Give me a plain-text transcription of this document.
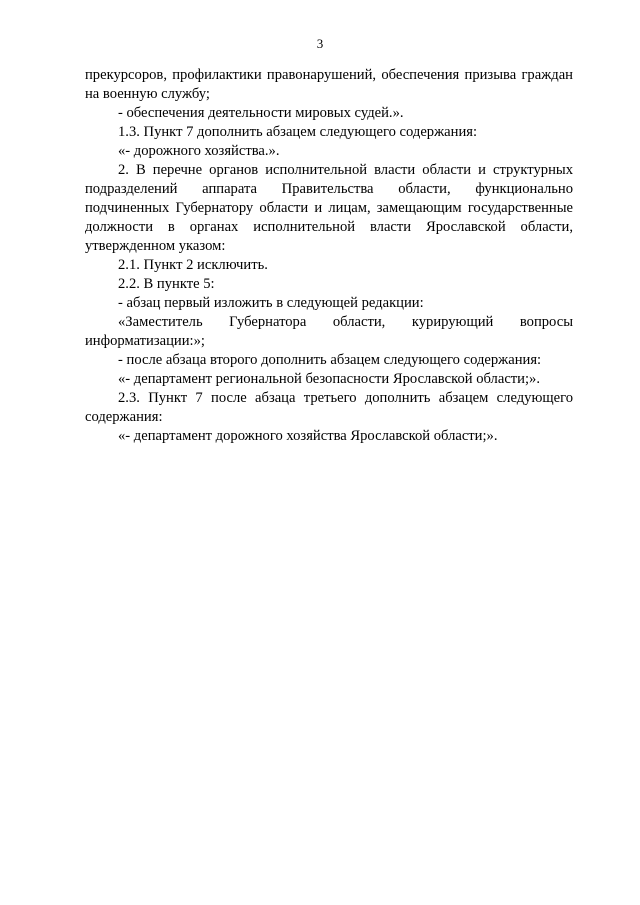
3

прекурсоров, профилактики правонарушений, обеспечения призыва граждан на военную службу;

- обеспечения деятельности мировых судей.».

1.3. Пункт 7 дополнить абзацем следующего содержания:

«- дорожного хозяйства.».

2. В перечне органов исполнительной власти области и структурных подразделений аппарата Правительства области, функционально подчиненных Губернатору области и лицам, замещающим государственные должности в органах исполнительной власти Ярославской области, утвержденном указом:

2.1. Пункт 2 исключить.

2.2. В пункте 5:

- абзац первый изложить в следующей редакции:

«Заместитель Губернатора области, курирующий вопросы информатизации:»;

- после абзаца второго дополнить абзацем следующего содержания:

«- департамент региональной безопасности Ярославской области;».

2.3. Пункт 7 после абзаца третьего дополнить абзацем следующего содержания:

«- департамент дорожного хозяйства Ярославской области;».
